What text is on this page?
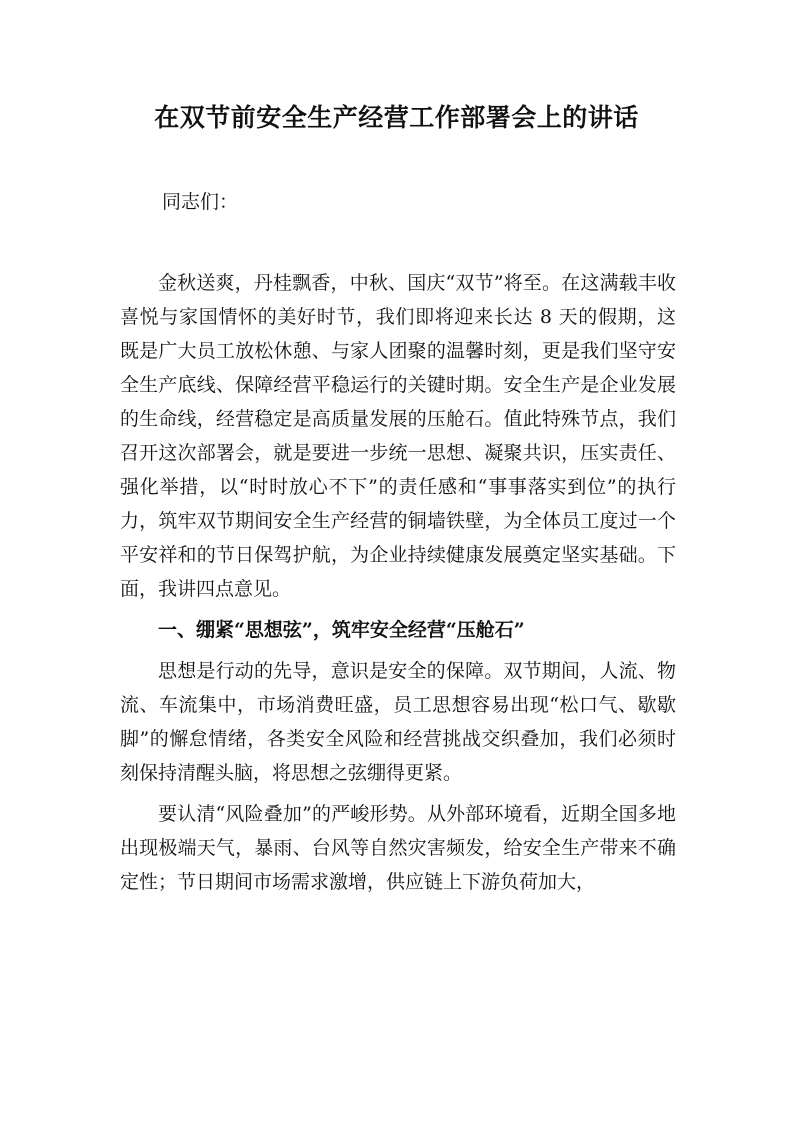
在双节前安全生产经营工作部署会上的讲话

同志们：

金秋送爽，丹桂飘香，中秋、国庆“双节”将至。在这满载丰收喜悦与家国情怀的美好时节，我们即将迎来长达 8 天的假期，这既是广大员工放松休憩、与家人团聚的温馨时刻，更是我们坚守安全生产底线、保障经营平稳运行的关键时期。安全生产是企业发展的生命线，经营稳定是高质量发展的压舱石。值此特殊节点，我们召开这次部署会，就是要进一步统一思想、凝聚共识，压实责任、强化举措，以“时时放心不下”的责任感和“事事落实到位”的执行力，筑牢双节期间安全生产经营的铜墙铁壁，为全体员工度过一个平安祥和的节日保驾护航，为企业持续健康发展奠定坚实基础。下面，我讲四点意见。

一、绷紧“思想弦”，筑牢安全经营“压舱石”

思想是行动的先导，意识是安全的保障。双节期间，人流、物流、车流集中，市场消费旺盛，员工思想容易出现“松口气、歇歇脚”的懈怠情绪，各类安全风险和经营挑战交织叠加，我们必须时刻保持清醒头脑，将思想之弦绷得更紧。

要认清“风险叠加”的严峻形势。从外部环境看，近期全国多地出现极端天气，暴雨、台风等自然灾害频发，给安全生产带来不确定性；节日期间市场需求激增，供应链上下游负荷加大，
